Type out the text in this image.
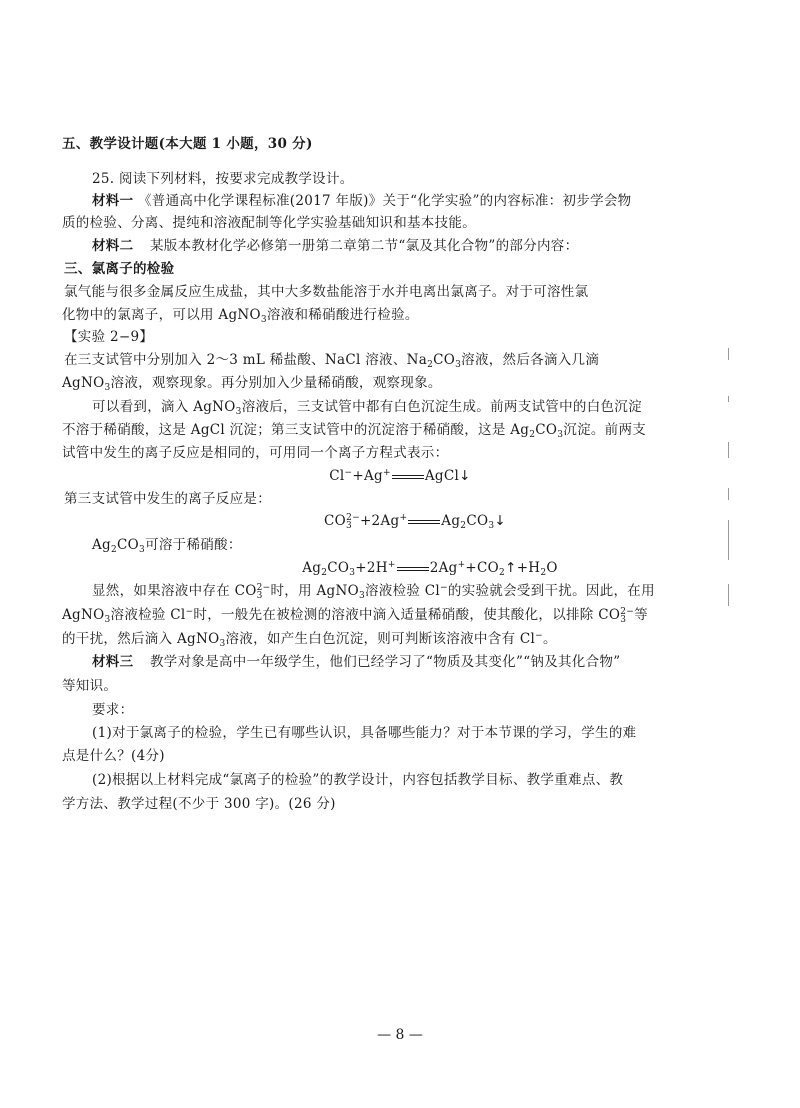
五、教学设计题(本大题 1 小题，30 分)
25. 阅读下列材料，按要求完成教学设计。
材料一 《普通高中化学课程标准(2017 年版)》关于“化学实验”的内容标准：初步学会物
质的检验、分离、提纯和溶液配制等化学实验基础知识和基本技能。
材料二 某版本教材化学必修第一册第二章第二节“氯及其化合物”的部分内容：
三、氯离子的检验
氯气能与很多金属反应生成盐，其中大多数盐能溶于水并电离出氯离子。对于可溶性氯
化物中的氯离子，可以用 AgNO$_3$溶液和稀硝酸进行检验。
【实验 2−9】
在三支试管中分别加入 2～3 mL 稀盐酸、NaCl 溶液、$Na_2CO_3$溶液，然后各滴入几滴
AgNO$_3$溶液，观察现象。再分别加入少量稀硝酸，观察现象。
可以看到，滴入 AgNO$_3$溶液后，三支试管中都有白色沉淀生成。前两支试管中的白色沉淀
不溶于稀硝酸，这是 AgCl 沉淀；第三支试管中的沉淀溶于稀硝酸，这是 $Ag_2CO_3$沉淀。前两支
试管中发生的离子反应是相同的，可用同一个离子方程式表示：
Cl−+Ag+	AgCl↓
第三支试管中发生的离子反应是：
$CO_3^{2-}+2Ag^+$	$Ag_2CO_3↓$
$Ag_2CO_3$可溶于稀硝酸：
$Ag_2CO_3+2H^+$	$2Ag^++CO_2↑+H_2O$
显然，如果溶液中存在 $CO_3^{2-}$时，用 AgNO$_3$溶液检验 Cl−的实验就会受到干扰。因此，在用
AgNO$_3$溶液检验 Cl−时，一般先在被检测的溶液中滴入适量稀硝酸，使其酸化，以排除 $CO_3^{2-}$等
的干扰，然后滴入 AgNO$_3$溶液，如产生白色沉淀，则可判断该溶液中含有 Cl−。
材料三 教学对象是高中一年级学生，他们已经学习了“物质及其变化”“钠及其化合物”
等知识。
要求：
(1)对于氯离子的检验，学生已有哪些认识，具备哪些能力？对于本节课的学习，学生的难
点是什么？(4分)
(2)根据以上材料完成“氯离子的检验”的教学设计，内容包括教学目标、教学重难点、教
学方法、教学过程(不少于 300 字)。(26 分)
— 8 —
